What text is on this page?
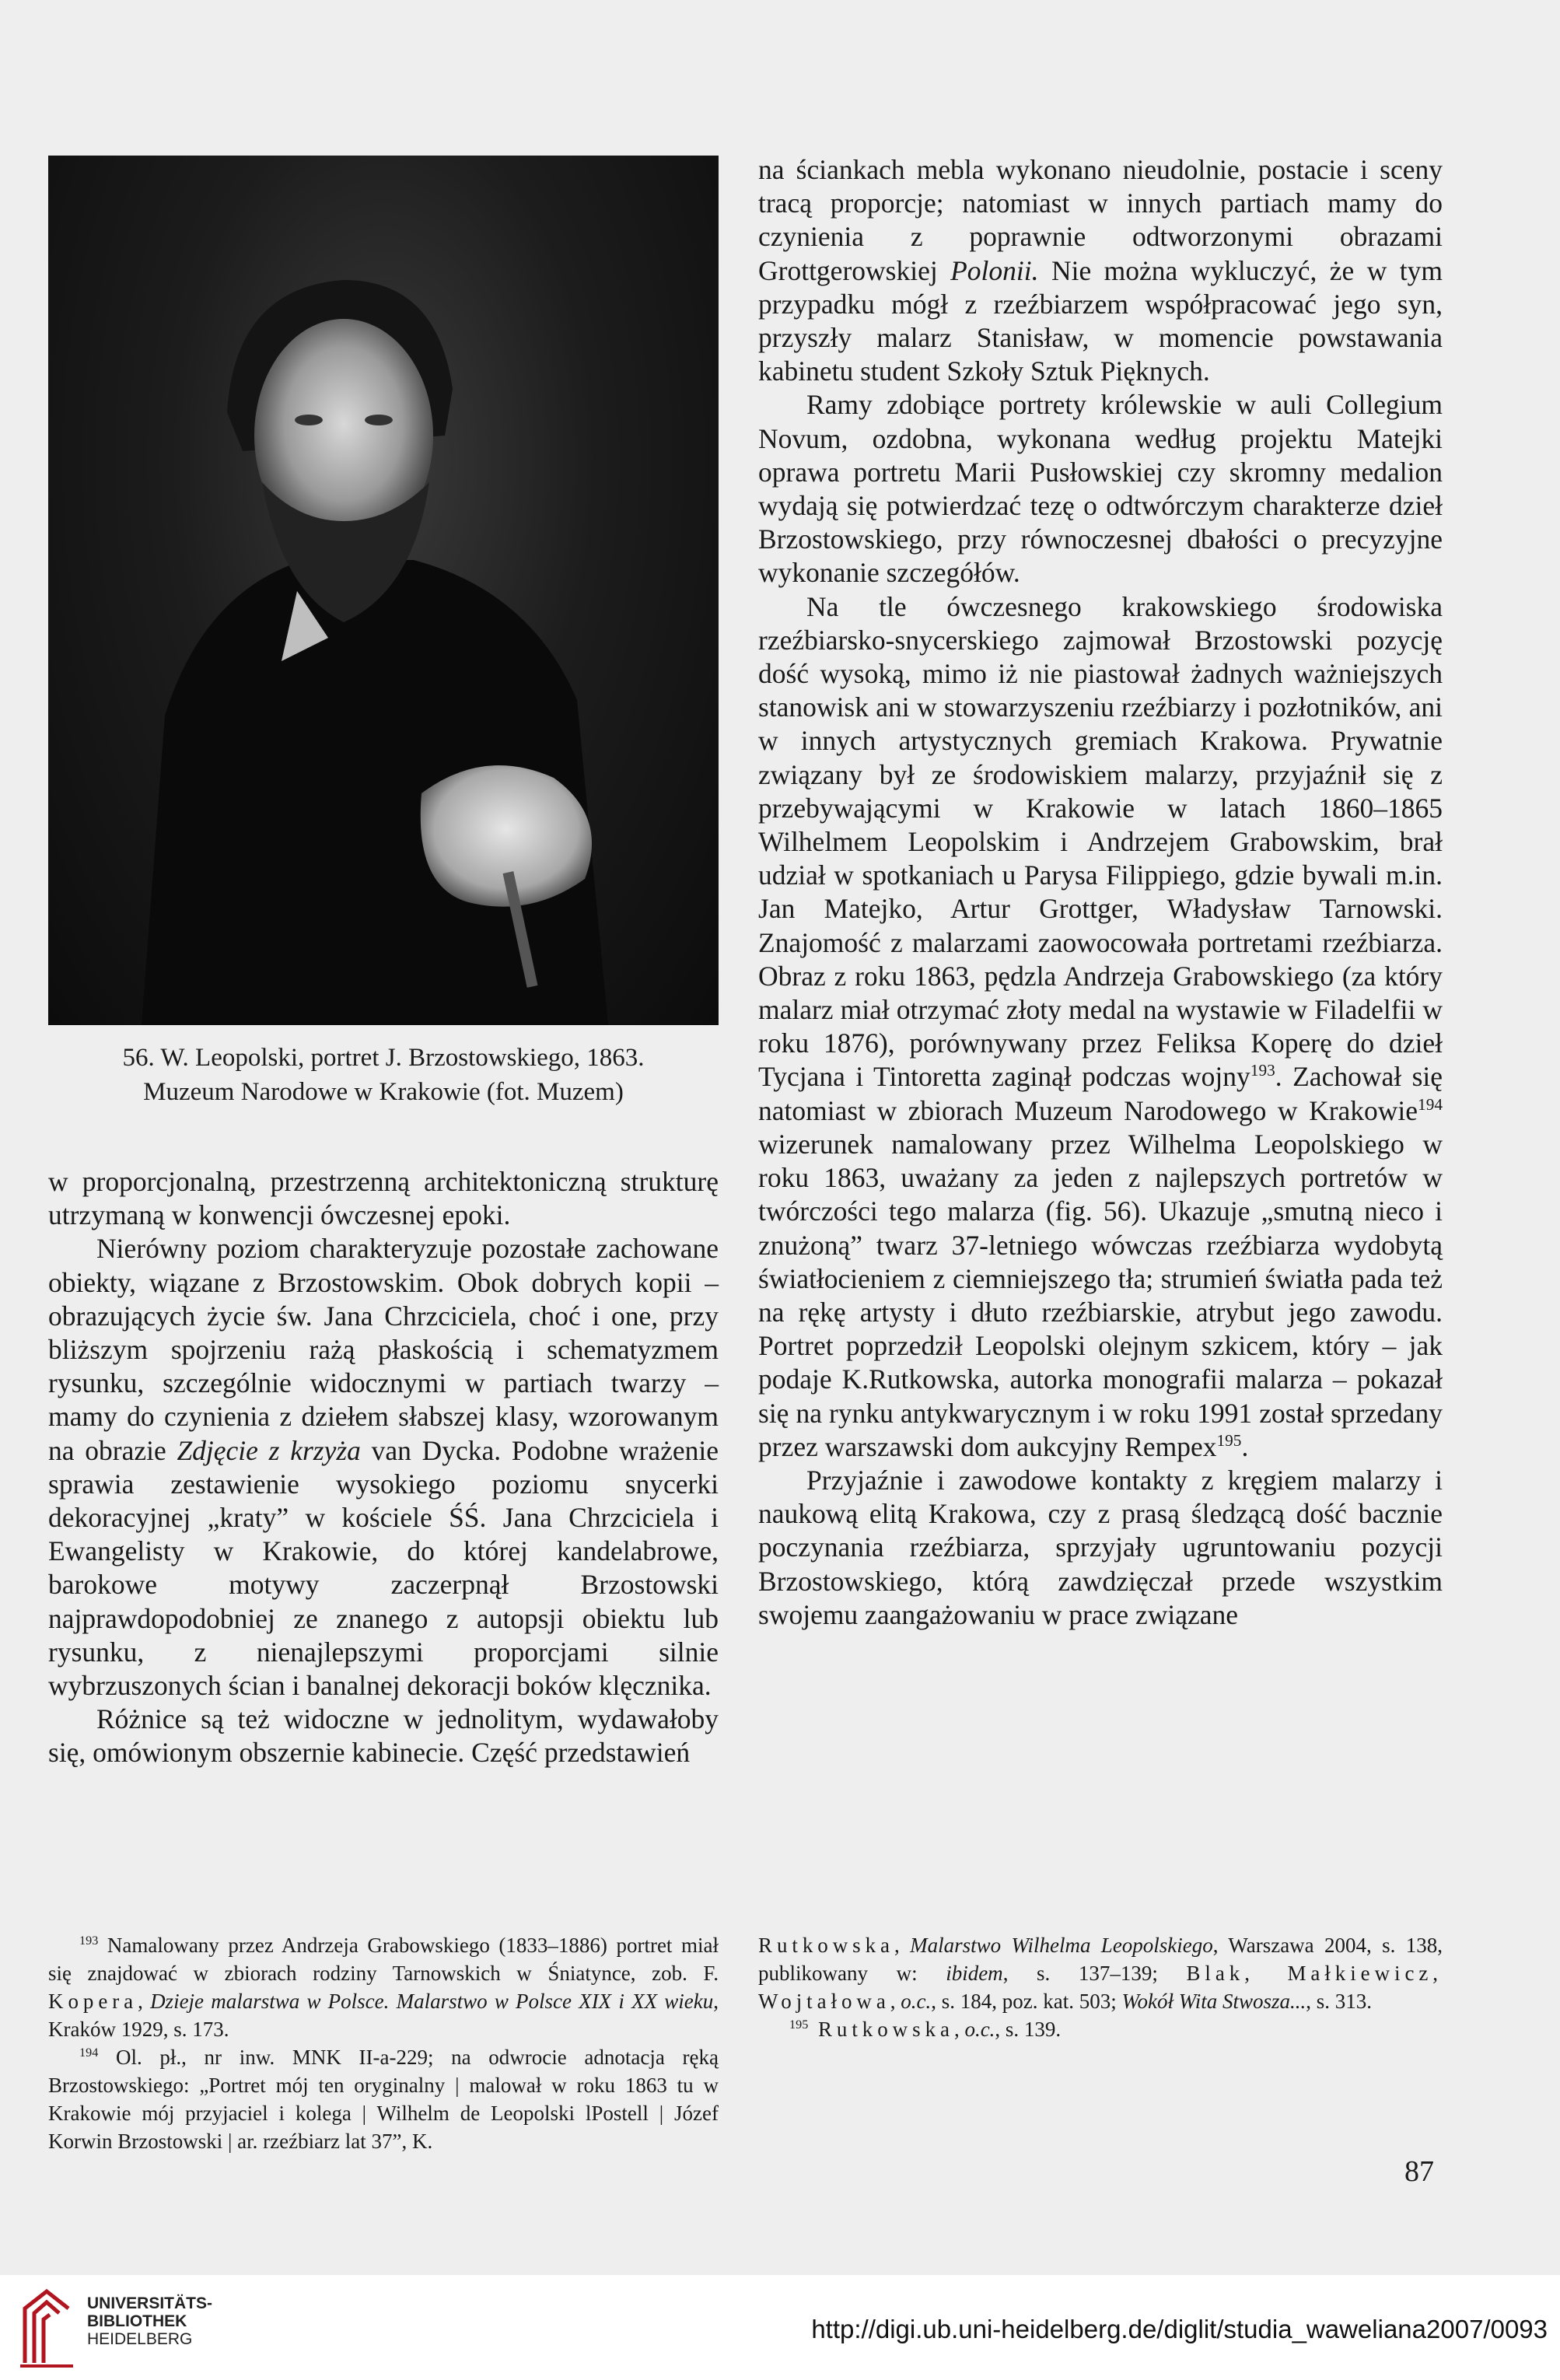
56. W. Leopolski, portret J. Brzostowskiego, 1863.
Muzeum Narodowe w Krakowie (fot. Muzem)

w proporcjonalną, przestrzenną architektoniczną strukturę utrzymaną w konwencji ówczesnej epoki.

Nierówny poziom charakteryzuje pozostałe zachowane obiekty, wiązane z Brzostowskim. Obok dobrych kopii – obrazujących życie św. Jana Chrzciciela, choć i one, przy bliższym spojrzeniu rażą płaskością i schematyzmem rysunku, szczególnie widocznymi w partiach twarzy – mamy do czynienia z dziełem słabszej klasy, wzorowanym na obrazie Zdjęcie z krzyża van Dycka. Podobne wrażenie sprawia zestawienie wysokiego poziomu snycerki dekoracyjnej „kraty” w kościele ŚŚ. Jana Chrzciciela i Ewangelisty w Krakowie, do której kandelabrowe, barokowe motywy zaczerpnął Brzostowski najprawdopodobniej ze znanego z autopsji obiektu lub rysunku, z nienajlepszymi proporcjami silnie wybrzuszonych ścian i banalnej dekoracji boków klęcznika.

Różnice są też widoczne w jednolitym, wydawałoby się, omówionym obszernie kabinecie. Część przedstawień

na ściankach mebla wykonano nieudolnie, postacie i sceny tracą proporcje; natomiast w innych partiach mamy do czynienia z poprawnie odtworzonymi obrazami Grottgerowskiej Polonii. Nie można wykluczyć, że w tym przypadku mógł z rzeźbiarzem współpracować jego syn, przyszły malarz Stanisław, w momencie powstawania kabinetu student Szkoły Sztuk Pięknych.

Ramy zdobiące portrety królewskie w auli Collegium Novum, ozdobna, wykonana według projektu Matejki oprawa portretu Marii Pusłowskiej czy skromny medalion wydają się potwierdzać tezę o odtwórczym charakterze dzieł Brzostowskiego, przy równoczesnej dbałości o precyzyjne wykonanie szczegółów.

Na tle ówczesnego krakowskiego środowiska rzeźbiarsko-snycerskiego zajmował Brzostowski pozycję dość wysoką, mimo iż nie piastował żadnych ważniejszych stanowisk ani w stowarzyszeniu rzeźbiarzy i pozłotników, ani w innych artystycznych gremiach Krakowa. Prywatnie związany był ze środowiskiem malarzy, przyjaźnił się z przebywającymi w Krakowie w latach 1860–1865 Wilhelmem Leopolskim i Andrzejem Grabowskim, brał udział w spotkaniach u Parysa Filippiego, gdzie bywali m.in. Jan Matejko, Artur Grottger, Władysław Tarnowski. Znajomość z malarzami zaowocowała portretami rzeźbiarza. Obraz z roku 1863, pędzla Andrzeja Grabowskiego (za który malarz miał otrzymać złoty medal na wystawie w Filadelfii w roku 1876), porównywany przez Feliksa Koperę do dzieł Tycjana i Tintoretta zaginął podczas wojny$^{193}$. Zachował się natomiast w zbiorach Muzeum Narodowego w Krakowie$^{194}$ wizerunek namalowany przez Wilhelma Leopolskiego w roku 1863, uważany za jeden z najlepszych portretów w twórczości tego malarza (fig. 56). Ukazuje „smutną nieco i znużoną” twarz 37-letniego wówczas rzeźbiarza wydobytą światłocieniem z ciemniejszego tła; strumień światła pada też na rękę artysty i dłuto rzeźbiarskie, atrybut jego zawodu. Portret poprzedził Leopolski olejnym szkicem, który – jak podaje K.Rutkowska, autorka monografii malarza – pokazał się na rynku antykwarycznym i w roku 1991 został sprzedany przez warszawski dom aukcyjny Rempex$^{195}$.

Przyjaźnie i zawodowe kontakty z kręgiem malarzy i naukową elitą Krakowa, czy z prasą śledzącą dość bacznie poczynania rzeźbiarza, sprzyjały ugruntowaniu pozycji Brzostowskiego, którą zawdzięczał przede wszystkim swojemu zaangażowaniu w prace związane

$^{193}$ Namalowany przez Andrzeja Grabowskiego (1833–1886) portret miał się znajdować w zbiorach rodziny Tarnowskich w Śniatynce, zob. F. Kopera, Dzieje malarstwa w Polsce. Malarstwo w Polsce XIX i XX wieku, Kraków 1929, s. 173.

$^{194}$ Ol. pł., nr inw. MNK II-a-229; na odwrocie adnotacja ręką Brzostowskiego: „Portret mój ten oryginalny | malował w roku 1863 tu w Krakowie mój przyjaciel i kolega | Wilhelm de Leopolski lPostell | Józef Korwin Brzostowski | ar. rzeźbiarz lat 37”, K.

Rutkowska, Malarstwo Wilhelma Leopolskiego, Warszawa 2004, s. 138, publikowany w: ibidem, s. 137–139; Blak, Małkiewicz, Wojtałowa, o.c., s. 184, poz. kat. 503; Wokół Wita Stwosza..., s. 313.

$^{195}$ Rutkowska, o.c., s. 139.

87
UNIVERSITÄTS-
BIBLIOTHEK
HEIDELBERG	http://digi.ub.uni-heidelberg.de/diglit/studia_waweliana2007/0093
